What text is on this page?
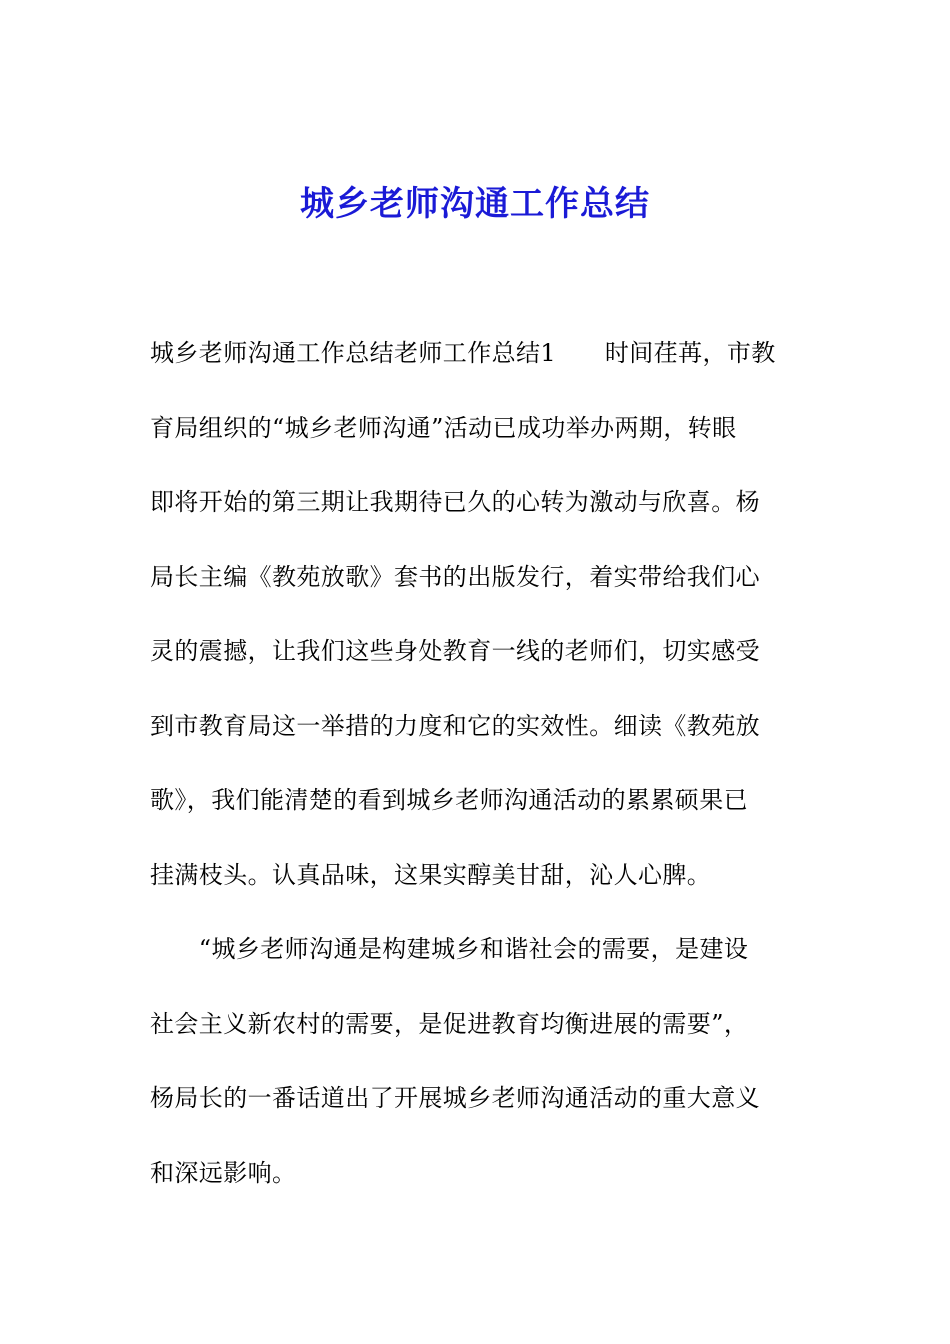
城乡老师沟通工作总结
城乡老师沟通工作总结老师工作总结1　　时间荏苒，市教
育局组织的“城乡老师沟通”活动已成功举办两期，转眼
即将开始的第三期让我期待已久的心转为激动与欣喜。杨
局长主编《教苑放歌》套书的出版发行，着实带给我们心
灵的震撼，让我们这些身处教育一线的老师们，切实感受
到市教育局这一举措的力度和它的实效性。细读《教苑放
歌》，我们能清楚的看到城乡老师沟通活动的累累硕果已
挂满枝头。认真品味，这果实醇美甘甜，沁人心脾。
　　“城乡老师沟通是构建城乡和谐社会的需要，是建设
社会主义新农村的需要，是促进教育均衡进展的需要”，
杨局长的一番话道出了开展城乡老师沟通活动的重大意义
和深远影响。
